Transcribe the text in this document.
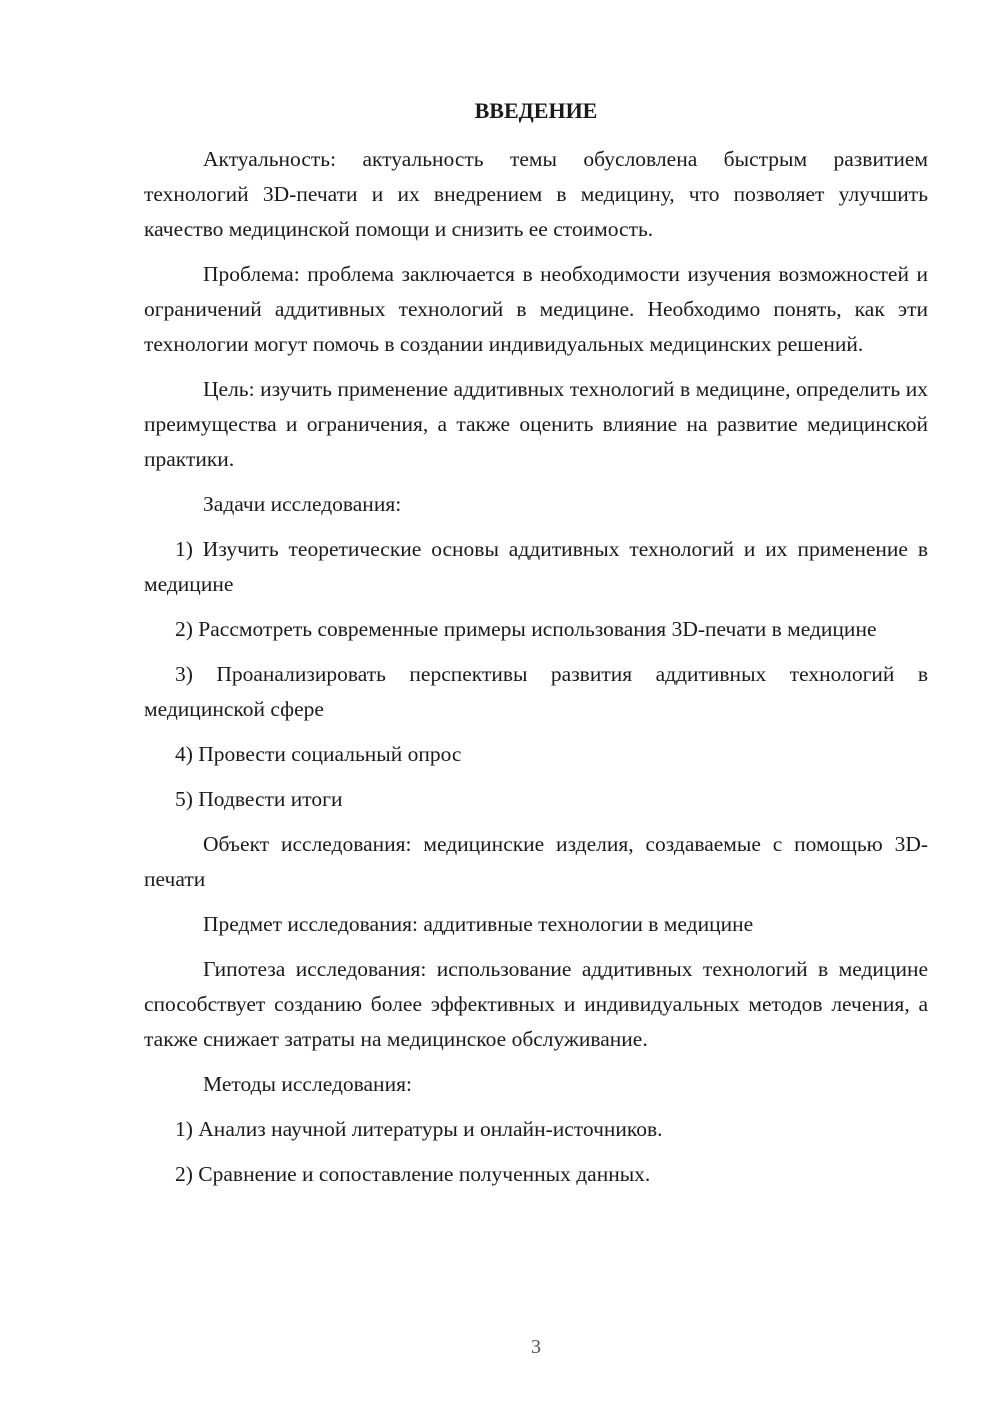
ВВЕДЕНИЕ

Актуальность: актуальность темы обусловлена быстрым развитием технологий 3D-печати и их внедрением в медицину, что позволяет улучшить качество медицинской помощи и снизить ее стоимость.

Проблема: проблема заключается в необходимости изучения возможностей и ограничений аддитивных технологий в медицине. Необходимо понять, как эти технологии могут помочь в создании индивидуальных медицинских решений.

Цель: изучить применение аддитивных технологий в медицине, определить их преимущества и ограничения, а также оценить влияние на развитие медицинской практики.

Задачи исследования:

1) Изучить теоретические основы аддитивных технологий и их применение в медицине

2) Рассмотреть современные примеры использования 3D-печати в медицине

3) Проанализировать перспективы развития аддитивных технологий в медицинской сфере

4) Провести социальный опрос

5) Подвести итоги

Объект исследования: медицинские изделия, создаваемые с помощью 3D-печати

Предмет исследования: аддитивные технологии в медицине

Гипотеза исследования: использование аддитивных технологий в медицине способствует созданию более эффективных и индивидуальных методов лечения, а также снижает затраты на медицинское обслуживание.

Методы исследования:

1) Анализ научной литературы и онлайн-источников.

2) Сравнение и сопоставление полученных данных.

3
